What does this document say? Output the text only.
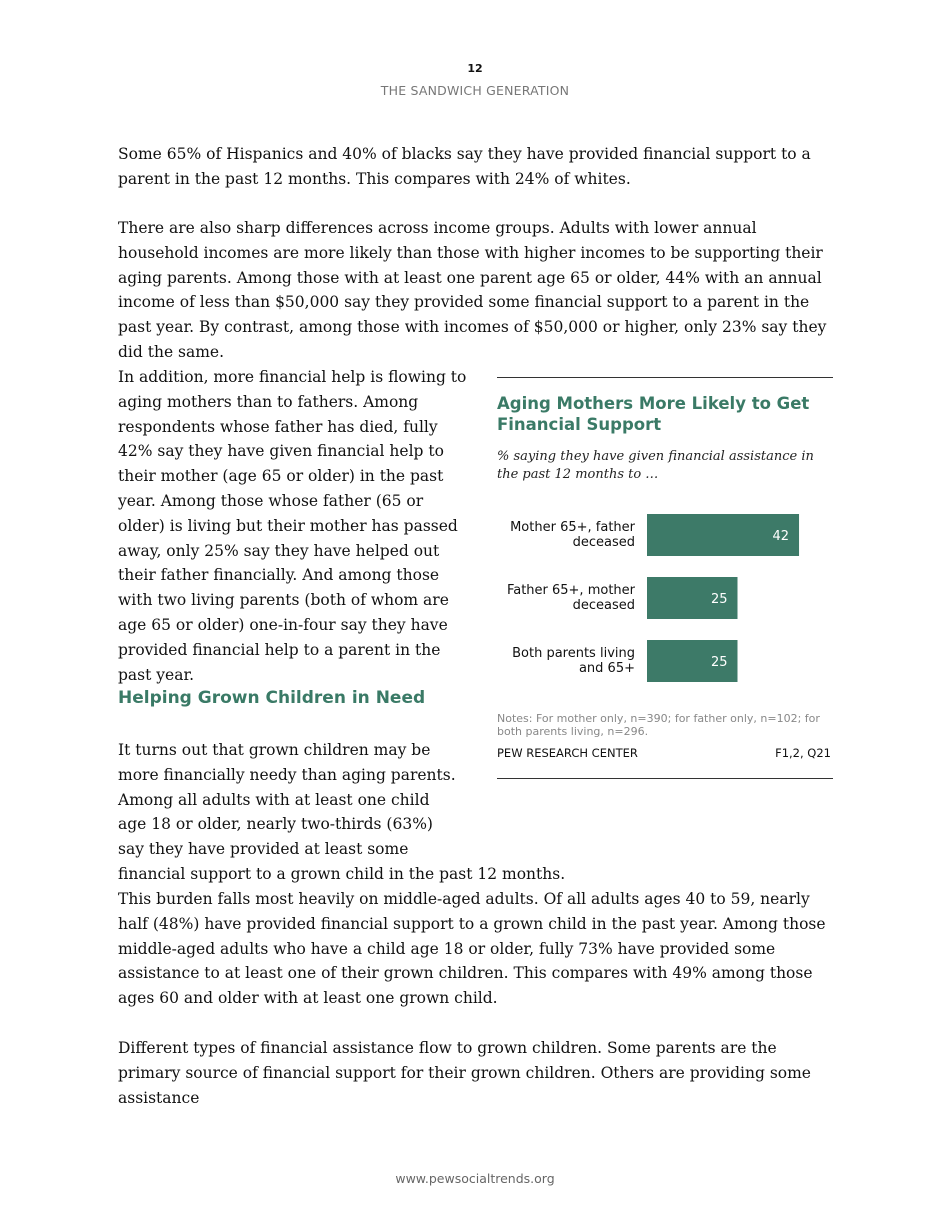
12
THE SANDWICH GENERATION

Some 65% of Hispanics and 40% of blacks say they have provided financial support to a parent in the past 12 months. This compares with 24% of whites.

There are also sharp differences across income groups. Adults with lower annual household incomes are more likely than those with higher incomes to be supporting their aging parents. Among those with at least one parent age 65 or older, 44% with an annual income of less than $50,000 say they provided some financial support to a parent in the past year. By contrast, among those with incomes of $50,000 or higher, only 23% say they did the same.

In addition, more financial help is flowing to aging mothers than to fathers. Among respondents whose father has died, fully 42% say they have given financial help to their mother (age 65 or older) in the past year. Among those whose father (65 or older) is living but their mother has passed away, only 25% say they have helped out their father financially. And among those with two living parents (both of whom are age 65 or older) one-in-four say they have provided financial help to a parent in the past year.

Helping Grown Children in Need

It turns out that grown children may be more financially needy than aging parents. Among all adults with at least one child age 18 or older, nearly two-thirds (63%) say they have provided at least some financial support to a grown child in the past 12 months.

This burden falls most heavily on middle-aged adults. Of all adults ages 40 to 59, nearly half (48%) have provided financial support to a grown child in the past year. Among those middle-aged adults who have a child age 18 or older, fully 73% have provided some assistance to at least one of their grown children. This compares with 49% among those ages 60 and older with at least one grown child.

Different types of financial assistance flow to grown children. Some parents are the primary source of financial support for their grown children. Others are providing some assistance

Aging Mothers More Likely to Get Financial Support

% saying they have given financial assistance in the past 12 months to …

42
Mother 65+, father deceased
25
Father 65+, mother deceased
25
Both parents living and 65+

Notes: For mother only, n=390; for father only, n=102; for both parents living, n=296.

PEW RESEARCH CENTER	F1,2, Q21
www.pewsocialtrends.org
